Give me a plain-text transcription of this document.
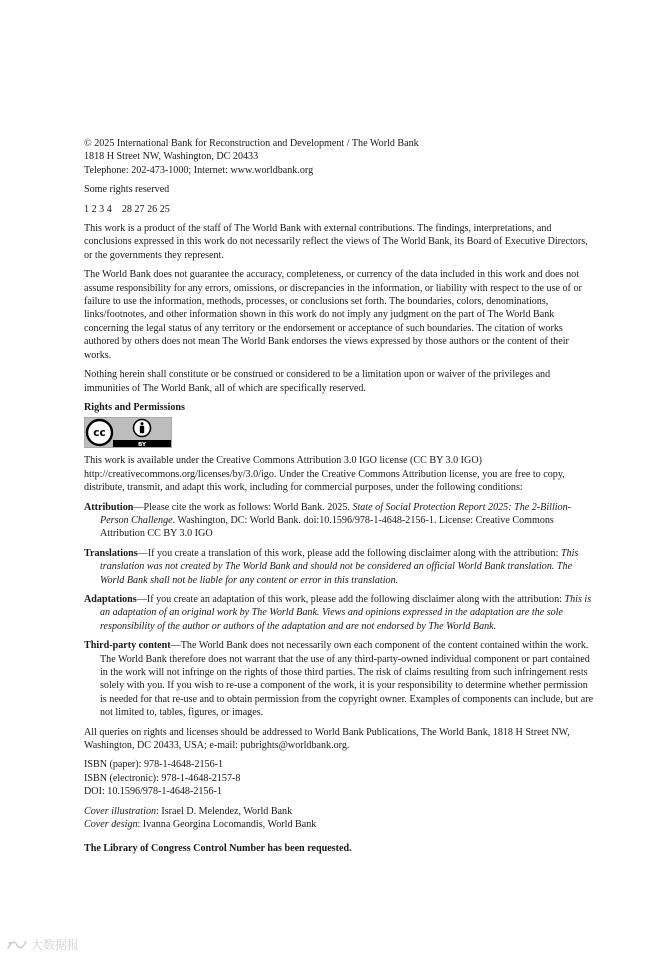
© 2025 International Bank for Reconstruction and Development / The World Bank

1818 H Street NW, Washington, DC 20433

Telephone: 202-473-1000; Internet: www.worldbank.org

Some rights reserved

1 2 3 4    28 27 26 25

This work is a product of the staff of The World Bank with external contributions. The findings, interpretations, and conclusions expressed in this work do not necessarily reflect the views of The World Bank, its Board of Executive Directors, or the governments they represent.

The World Bank does not guarantee the accuracy, completeness, or currency of the data included in this work and does not assume responsibility for any errors, omissions, or discrepancies in the information, or liability with respect to the use of or failure to use the information, methods, processes, or conclusions set forth. The boundaries, colors, denominations, links/footnotes, and other information shown in this work do not imply any judgment on the part of The World Bank concerning the legal status of any territory or the endorsement or acceptance of such boundaries. The citation of works authored by others does not mean The World Bank endorses the views expressed by those authors or the content of their works.

Nothing herein shall constitute or be construed or considered to be a limitation upon or waiver of the privileges and immunities of The World Bank, all of which are specifically reserved.

Rights and Permissions

cc
BY

This work is available under the Creative Commons Attribution 3.0 IGO license (CC BY 3.0 IGO) http://creativecommons.org/licenses/by/3.0/igo. Under the Creative Commons Attribution license, you are free to copy, distribute, transmit, and adapt this work, including for commercial purposes, under the following conditions:

Attribution—Please cite the work as follows: World Bank. 2025. State of Social Protection Report 2025: The 2-Billion-Person Challenge. Washington, DC: World Bank. doi:10.1596/978-1-4648-2156-1. License: Creative Commons Attribution CC BY 3.0 IGO

Translations—If you create a translation of this work, please add the following disclaimer along with the attribution: This translation was not created by The World Bank and should not be considered an official World Bank translation. The World Bank shall not be liable for any content or error in this translation.

Adaptations—If you create an adaptation of this work, please add the following disclaimer along with the attribution: This is an adaptation of an original work by The World Bank. Views and opinions expressed in the adaptation are the sole responsibility of the author or authors of the adaptation and are not endorsed by The World Bank.

Third-party content—The World Bank does not necessarily own each component of the content contained within the work. The World Bank therefore does not warrant that the use of any third-party-owned individual component or part contained in the work will not infringe on the rights of those third parties. The risk of claims resulting from such infringement rests solely with you. If you wish to re-use a component of the work, it is your responsibility to determine whether permission is needed for that re-use and to obtain permission from the copyright owner. Examples of components can include, but are not limited to, tables, figures, or images.

All queries on rights and licenses should be addressed to World Bank Publications, The World Bank, 1818 H Street NW, Washington, DC 20433, USA; e-mail: pubrights@worldbank.org.

ISBN (paper): 978-1-4648-2156-1

ISBN (electronic): 978-1-4648-2157-8

DOI: 10.1596/978-1-4648-2156-1

Cover illustration: Israel D. Melendez, World Bank

Cover design: Ivanna Georgina Locomandis, World Bank

The Library of Congress Control Number has been requested.

大数据报
